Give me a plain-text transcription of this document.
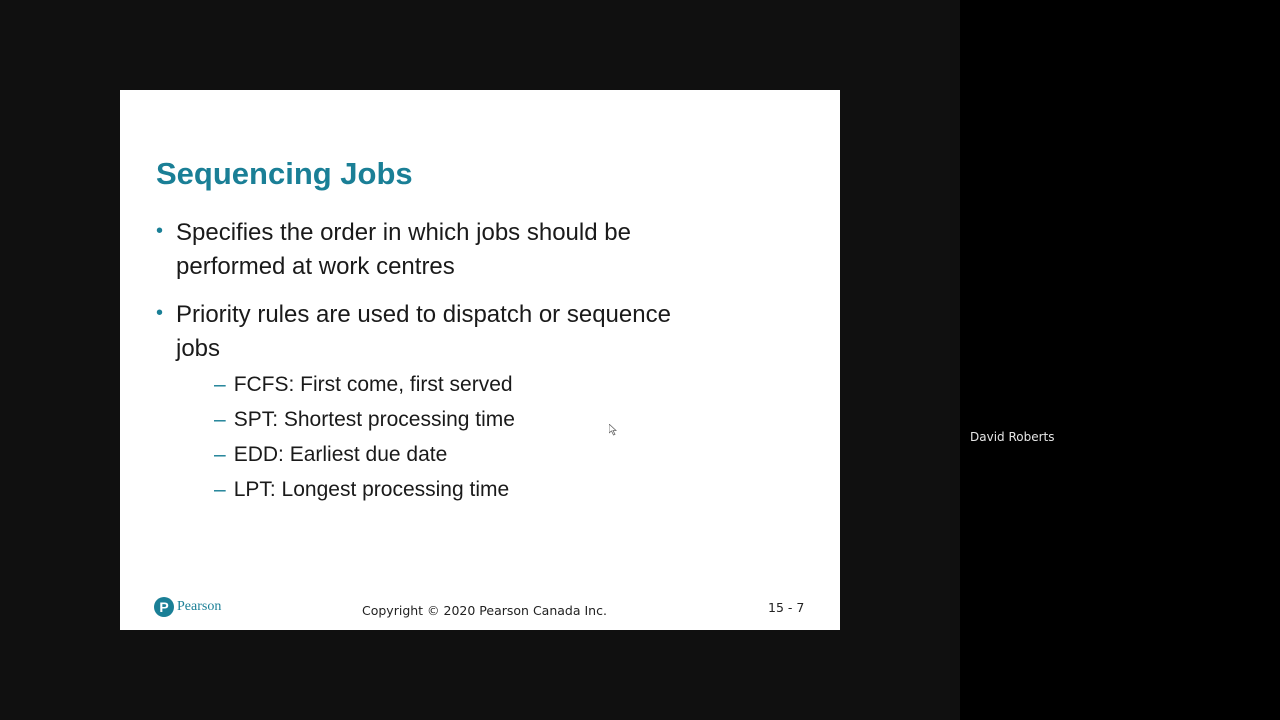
Sequencing Jobs
• Specifies the order in which jobs should be
performed at work centres
• Priority rules are used to dispatch or sequence
jobs
– FCFS: First come, first served
– SPT: Shortest processing time
– EDD: Earliest due date
– LPT: Longest processing time
P Pearson	Copyright © 2020 Pearson Canada Inc.	15 - 7
David Roberts
